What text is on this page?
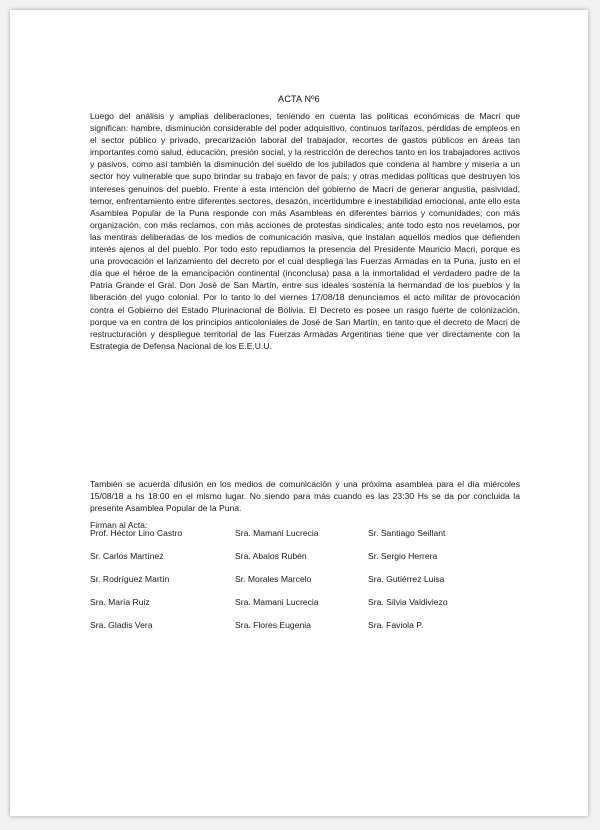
ACTA Nº6

Luego del análisis y amplias deliberaciones, teniendo en cuenta las políticas económicas de Macri que significan: hambre, disminución considerable del poder adquisitivo, continuos tarifazos, pérdidas de empleos en el sector público y privado, precarización laboral del trabajador, recortes de gastos públicos en áreas tan importantes como salud, educación, presión social, y la restricción de derechos tanto en los trabajadores activos y pasivos, como así también la disminución del sueldo de los jubilados que condena al hambre y miseria a un sector hoy vulnerable que supo brindar su trabajo en favor de país; y otras medidas políticas que destruyen los intereses genuinos del pueblo. Frente a esta intención del gobierno de Macri de generar angustia, pasividad, temor, enfrentamiento entre diferentes sectores, desazón, incertidumbre e inestabilidad emocional, ante ello esta Asamblea Popular de la Puna responde con más Asambleas en diferentes barrios y comunidades, con más organización, con más reclamos, con más acciones de protestas sindicales; ante todo esto nos revelamos, por las mentiras deliberadas de los medios de comunicación masiva, que instalan aquellos medios que defienden interés ajenos al del pueblo. Por todo esto repudiamos la presencia del Presidente Mauricio Macri, porque es una provocación el lanzamiento del decreto por el cual despliega las Fuerzas Armadas en la Puna, justo en el día que el héroe de la emancipación continental (inconclusa) pasa a la inmortalidad el verdadero padre de la Patria Grande el Gral. Don José de San Martín, entre sus ideales sostenía la hermandad de los pueblos y la liberación del yugo colonial. Por lo tanto lo del viernes 17/08/18 denunciamos el acto militar de provocación contra el Gobierno del Estado Plurinacional de Bolivia. El Decreto es posee un rasgo fuerte de colonización, porque va en contra de los principios anticoloniales de José de San Martín, en tanto que el decreto de Macri de restructuración y despliegue territorial de las Fuerzas Armadas Argentinas tiene que ver directamente con la Estrategia de Defensa Nacional de los E.E.U.U.

También se acuerda difusión en los medios de comunicación y una próxima asamblea para el día miércoles 15/08/18 a hs 18:00 en el mismo lugar. No siendo para más cuando es las 23:30 Hs se da por concluida la presente Asamblea Popular de la Puna.

Firman al Acta:
Prof. Héctor Lino Castro	Sra. Mamani Lucrecia	Sr. Santiago Seillant
Sr. Carlos Martínez	Sra. Abalos Rubén	Sr. Sergio Herrera
Sr. Rodríguez Martín	Sr. Morales Marcelo	Sra. Gutiérrez Luisa
Sra. María Ruiz	Sra. Mamani Lucrecia	Sra. Silvia Valdiviezo
Sra. Gladis Vera	Sra. Flores Eugenia	Sra. Faviola P.
